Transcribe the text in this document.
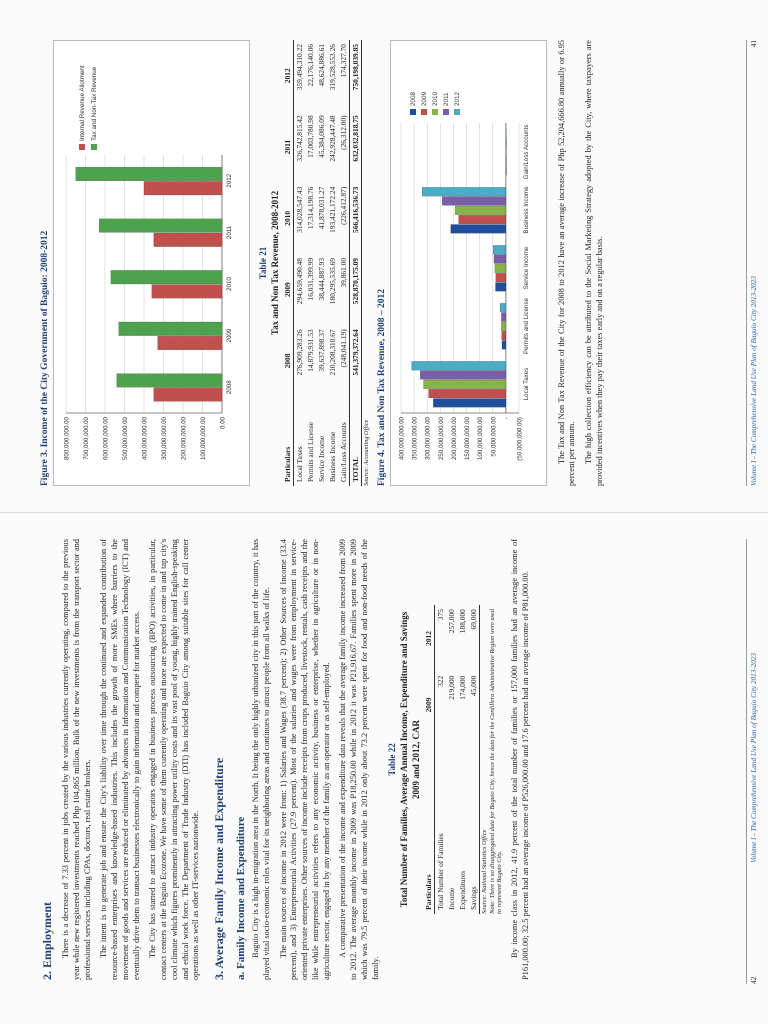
2. Employment There is a decrease of 7.33 percent in jobs created by the various industries currently operating, compared to the previous year while new registered investments reached Php 104,865 million. Bulk of the new investments is from the transport sector and professional services including CPAs, doctors, real estate brokers. The intent is to generate job and ensure the City's liability over time through the continued and expanded contribution of resource-based enterprises and knowledge-based industries. This includes the growth of more SMEs where barriers to the movement of goods and services are reduced or eliminated by advances in Information and Communication Technology (ICT) and eventually drive them to transact businesses electronically to gain information and compete for market access. The City has started to attract industry operators engaged in business process outsourcing (BPO) activities, in particular, contact centers at the Baguio Ecozone. We have some of them currently operating and more are expected to come in and tap city's cool climate which figures prominently in attracting power utility costs and its vast pool of young, highly trained English-speaking and ethical work force. The Department of Trade Industry (DTI) has included Baguio City among suitable sites for call center operations as well as other IT-services nationwide. 3. Average Family Income and Expenditure a. Family Income and Expenditure Baguio City is a high in-migration area in the North. It being the only highly urbanized city in this part of the country, it has played vital socio-economic roles vital for its neighboring areas and continues to attract people from all walks of life. The main sources of income in 2012 were from: 1) Salaries and Wages (38.7 percent); 2) Other Sources of Income (33.4 percent), and 3) Entrepreneurial Activities (27.9 percent). Most of the salaries and wages were from employment in service-oriented private enterprises. Other sources of income include receipts from crops produced, livestock, rentals, cash receipts and the like while entrepreneurial activities refers to any economic activity, business or enterprise, whether in agriculture or in non-agriculture sector, engaged in by any member of the family as an operator or as self-employed. A comparative presentation of the income and expenditure data reveals that the average family income increased from 2009 to 2012. The average monthly income in 2009 was P18,250.00 while in 2012 it was P21,916.67. Families spent more in 2009 which was 79.5 percent of their income while in 2012 only about 73.2 percent were spent for food and non-food needs of the family.

Table 22 Total Number of Families, Average Annual Income, Expenditure and Savings 2009 and 2012, CAR
Particulars	2009	2012
Total Number of Families	322	375
Income	219,000	257,000
Expenditures	174,000	188,000
Savings	45,000	69,000
Source: National Statistics Office Note: There is no disaggregated data for Baguio City, hence the data for the Cordillera Administrative Region were used to represent Baguio City. By income class in 2012, 41.9 percent of the total number of families or 157,000 families had an average income of P161,000.00; 32.5 percent had an average income of P526,000.00 and 17.6 percent had an average income of P81,000.00.

42
Volume I - The Comprehensive Land Use Plan of Baguio City 2013-2023
Figure 3. Income of the City Government of Baguio: 2008-2012	0.00
100,000,000.00
200,000,000.00
300,000,000.00
400,000,000.00
500,000,000.00
600,000,000.00
700,000,000.00
800,000,000.00
2008
2009
2010
2011
2012
Internal Revenue Allotment Tax and Non-Tax Revenue
Table 21 Tax and Non Tax Revenue, 2008-2012
Particulars	2008	2009	2010	2011	2012
Local Taxes	276,909,283.26	294,659,490.48	314,028,547.43	326,742,815.42	359,494,310.22
Permits and License	14,879,931.53	16,031,399.99	17,314,198.76	17,003,780.98	22,176,140.06
Service Income	39,637,898.37	38,444,887.93	41,878,031.27	45,384,086.09	48,624,886.61
Business Income	210,208,310.67	180,295,535.69	193,421,172.24	242,928,447.48	319,528,553.26
Gain/Loss Accounts	(248,041.19)	39,861.00	(226,412.87)	(26,312.00)	174,327.70
TOTAL	541,379,372.64	528,870,175.09	566,416,536.73	632,032,818.75	750,198,039.85
Source: Accounting Office Figure 4. Tax and Non Tax Revenue, 2008 – 2012	(50,000,000.00)
-
50,000,000.00
100,000,000.00
150,000,000.00
200,000,000.00
250,000,000.00
300,000,000.00
350,000,000.00
400,000,000.00
Local Taxes
Permits and License
Service Income
Business Income
Gain/Loss Accounts
2008 2009 2010 2011 2012	The Tax and Non Tax Revenue of the City for 2008 to 2012 have an average increase of Php 52,204,666.80 annually or 6.95 percent per annum. The high collection efficiency can be attributed to the Social Marketing Strategy adopted by the City, where taxpayers are provided incentives when they pay their taxes early and on a regular basis.	Volume I - The Comprehensive Land Use Plan of Baguio City 2013-2023
41
